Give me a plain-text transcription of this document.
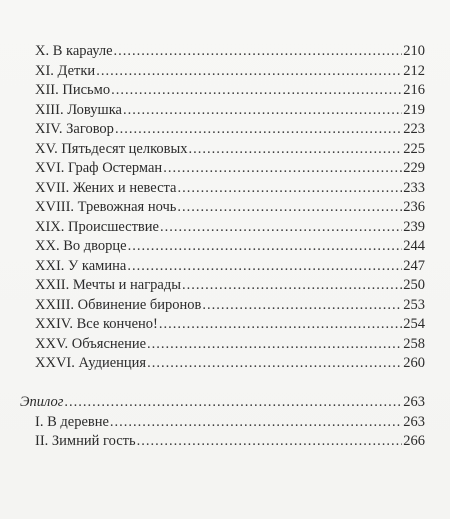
X. В карауле .....	210
XI. Детки .....	212
XII. Письмо .....	216
XIII. Ловушка .....	219
XIV. Заговор .....	223
XV. Пятьдесят целковых .....	225
XVI. Граф Остерман .....	229
XVII. Жених и невеста .....	233
XVIII. Тревожная ночь .....	236
XIX. Происшествие .....	239
XX. Во дворце .....	244
XXI. У камина .....	247
XXII. Мечты и награды .....	250
XXIII. Обвинение биронов .....	253
XXIV. Все кончено! .....	254
XXV. Объяснение .....	258
XXVI. Аудиенция .....	260
Эпилог .....	263
I. В деревне .....	263
II. Зимний гость .....	266
